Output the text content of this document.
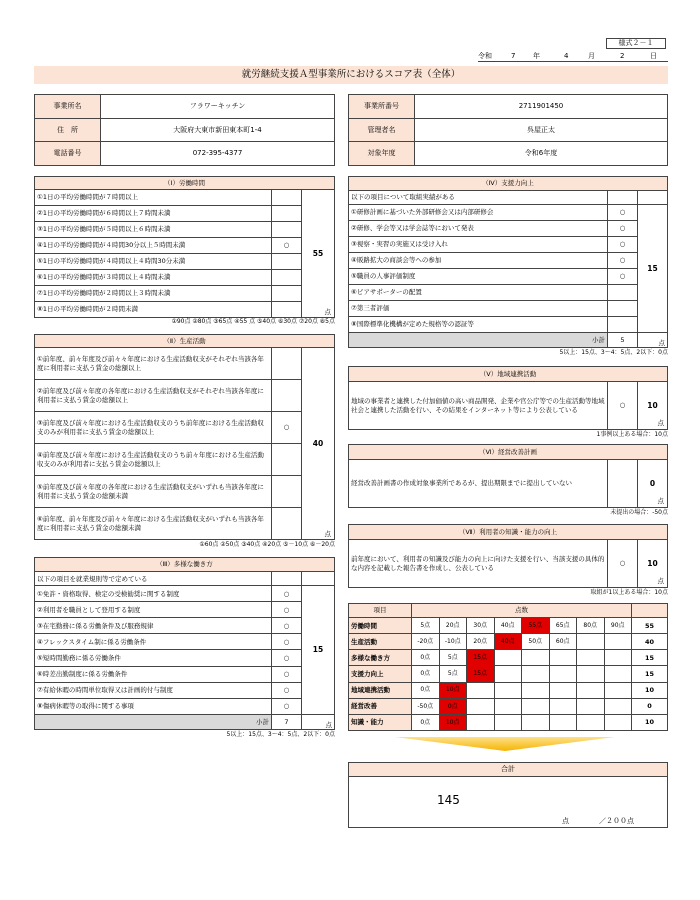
様式２－１
令和	7	年	4	月	2	日
就労継続支援Ａ型事業所におけるスコア表（全体）
事業所名	フラワーキッチン
住　所	大阪府大東市新田東本町1-4
電話番号	072-395-4377
事業所番号	2711901450
管理者名	呉屋正太
対象年度	令和6年度
（Ⅰ）労働時間		
①1日の平均労働時間が７時間以上		55
点

②1日の平均労働時間が６時間以上７時間未満		
③1日の平均労働時間が５時間以上６時間未満		
④1日の平均労働時間が４時間30分以上５時間未満	○	
⑤1日の平均労働時間が４時間以上４時間30分未満		
⑥1日の平均労働時間が３時間以上４時間未満		
⑦1日の平均労働時間が２時間以上３時間未満		
⑧1日の平均労働時間が２時間未満		
①90点 ②80点 ③65点 ④55 点 ⑤40点 ⑥30点 ⑦20点 ⑧5点
（Ⅱ）生産活動		
①前年度、前々年度及び前々々年度における生産活動収支がそれぞれ当該各年度に利用者に支払う賃金の総額以上		40
点

②前年度及び前々年度の各年度における生産活動収支がそれぞれ当該各年度に利用者に支払う賃金の総額以上		
③前年度及び前々年度における生産活動収支のうち前年度における生産活動収支のみが利用者に支払う賃金の総額以上	○	
④前年度及び前々年度における生産活動収支のうち前々年度における生産活動収支のみが利用者に支払う賃金の総額以上		
⑤前年度及び前々年度の各年度における生産活動収支がいずれも当該各年度に利用者に支払う賃金の総額未満		
⑥前年度、前々年度及び前々々年度における生産活動収支がいずれも当該各年度に利用者に支払う賃金の総額未満		
①60点 ②50点 ③40点 ④20点 ⑤－10点 ⑥－20点
（Ⅲ）多様な働き方		
以下の項目を就業規則等で定めている		
①免許・資格取得、検定の受検勧奨に関する制度	○	15
②利用者を職員として登用する制度	○	
③在宅勤務に係る労働条件及び服務規律	○	
④フレックスタイム制に係る労働条件	○	
⑤短時間勤務に係る労働条件	○	
⑥時差出勤制度に係る労働条件	○	
⑦有給休暇の時間単位取得又は計画的付与制度	○	
⑧傷病休暇等の取得に関する事項	○	
小計	7	点
5以上：15点、3～4：5点、2以下：0点
（Ⅳ）支援力向上		
以下の項目について取組実績がある		
①研修計画に基づいた外部研修会又は内部研修会	○	15
②研修、学会等又は学会誌等において発表	○	
③視察・実習の実施又は受け入れ	○	
④販路拡大の商談会等への参加	○	
⑤職員の人事評価制度	○	
⑥ピアサポーターの配置		
⑦第三者評価		
⑧国際標準化機構が定めた規格等の認証等		
小計	5	点
5以上：15点、3～4：5点、2以下：0点
（Ⅴ）地域連携活動
地域の事業者と連携した付加価値の高い商品開発、企業や官公庁等での生産活動等地域社会と連携した活動を行い、その結果をインターネット等により公表している	○	10
点
1事例以上ある場合：10点
（Ⅵ）経営改善計画
経営改善計画書の作成対象事業所であるが、提出期限までに提出していない		0
点
未提出の場合：-50点
（Ⅶ）利用者の知識・能力の向上
前年度において、利用者の知識及び能力の向上に向けた支援を行い、当該支援の具体的な内容を記載した報告書を作成し、公表している	○	10
点
取組が1以上ある場合：10点
項目	点数								
労働時間	5点	20点	30点	40点	55点	65点	80点	90点	55
生産活動	-20点	-10点	20点	40点	50点	60点			40
多様な働き方	0点	5点	15点						15
支援力向上	0点	5点	15点						15
地域連携活動	0点	10点							10
経営改善	-50点	0点							0
知識・能力	0点	10点							10
合計
145
点	／２００点
